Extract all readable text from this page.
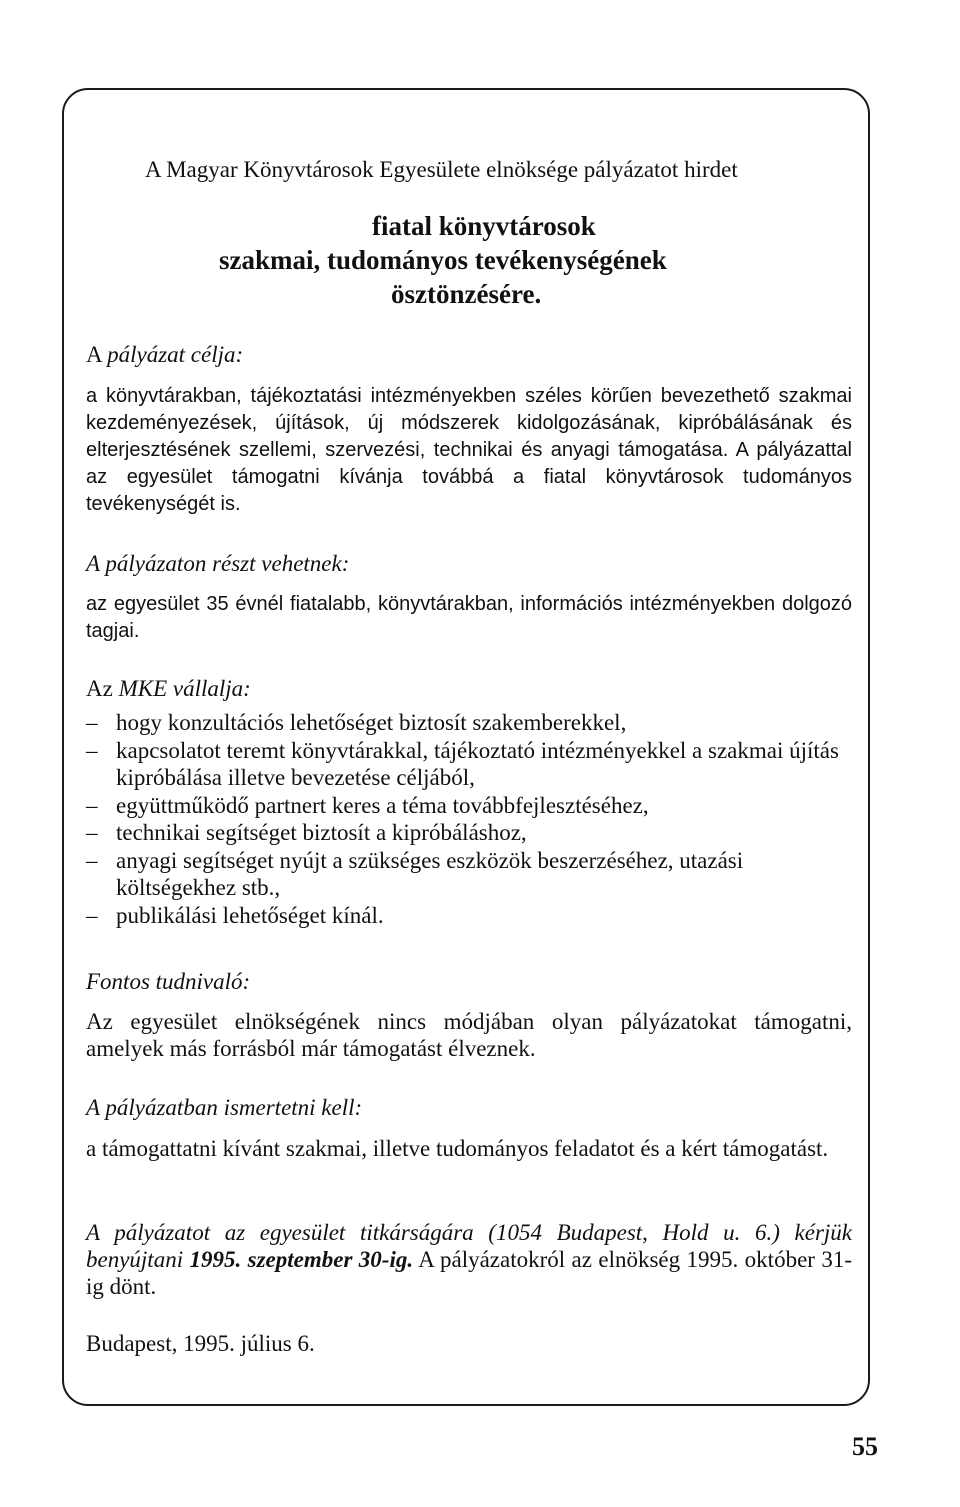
A Magyar Könyvtárosok Egyesülete elnöksége pályázatot hirdet
fiatal könyvtárosok
szakmai, tudományos tevékenységének
ösztönzésére.
A pályázat célja:
a könyvtárakban, tájékoztatási intézményekben széles körűen bevezethető szakmai kezdeményezések, újítások, új módszerek kidolgozásának, kipróbálásának és elterjesztésének szellemi, szervezési, technikai és anyagi támogatása. A pályázattal az egyesület támogatni kívánja továbbá a fiatal könyvtárosok tudományos tevékenységét is.
A pályázaton részt vehetnek:
az egyesület 35 évnél fiatalabb, könyvtárakban, információs intézményekben dolgozó tagjai.
Az MKE vállalja:
– hogy konzultációs lehetőséget biztosít szakemberekkel,
– kapcsolatot teremt könyvtárakkal, tájékoztató intézményekkel a szakmai újítás kipróbálása illetve bevezetése céljából,
– együttműködő partnert keres a téma továbbfejlesztéséhez,
– technikai segítséget biztosít a kipróbáláshoz,
– anyagi segítséget nyújt a szükséges eszközök beszerzéséhez, utazási költségekhez stb.,
– publikálási lehetőséget kínál.
Fontos tudnivaló:
Az egyesület elnökségének nincs módjában olyan pályázatokat támogatni, amelyek más forrásból már támogatást élveznek.
A pályázatban ismertetni kell:
a támogattatni kívánt szakmai, illetve tudományos feladatot és a kért támogatást.
A pályázatot az egyesület titkárságára (1054 Budapest, Hold u. 6.) kérjük benyújtani 1995. szeptember 30-ig. A pályázatokról az elnökség 1995. október 31-ig dönt.
Budapest, 1995. július 6.
55
